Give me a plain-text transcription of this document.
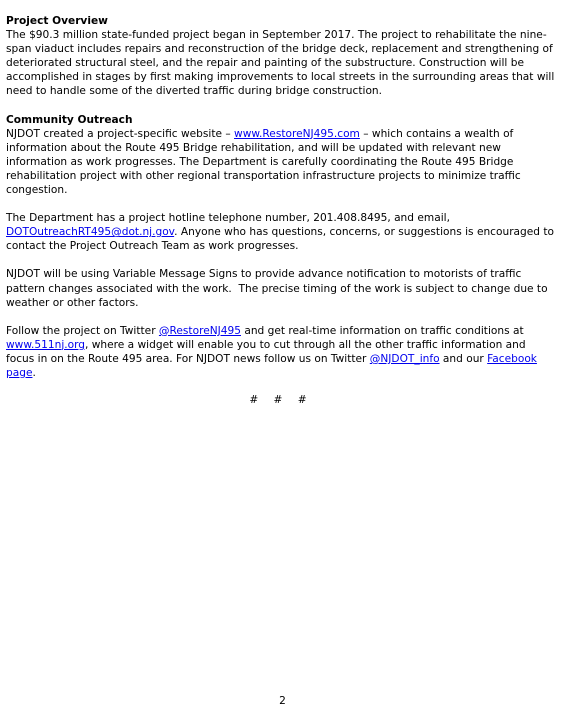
Project Overview

The $90.3 million state-funded project began in September 2017. The project to rehabilitate the nine-span viaduct includes repairs and reconstruction of the bridge deck, replacement and strengthening of deteriorated structural steel, and the repair and painting of the substructure. Construction will be accomplished in stages by first making improvements to local streets in the surrounding areas that will need to handle some of the diverted traffic during bridge construction.

Community Outreach

NJDOT created a project-specific website – www.RestoreNJ495.com – which contains a wealth of information about the Route 495 Bridge rehabilitation, and will be updated with relevant new information as work progresses. The Department is carefully coordinating the Route 495 Bridge rehabilitation project with other regional transportation infrastructure projects to minimize traffic congestion.

The Department has a project hotline telephone number, 201.408.8495, and email, DOTOutreachRT495@dot.nj.gov. Anyone who has questions, concerns, or suggestions is encouraged to contact the Project Outreach Team as work progresses.

NJDOT will be using Variable Message Signs to provide advance notification to motorists of traffic pattern changes associated with the work.  The precise timing of the work is subject to change due to weather or other factors.

Follow the project on Twitter @RestoreNJ495 and get real-time information on traffic conditions at www.511nj.org, where a widget will enable you to cut through all the other traffic information and focus in on the Route 495 area. For NJDOT news follow us on Twitter @NJDOT_info and our Facebook page.

# # #

2
